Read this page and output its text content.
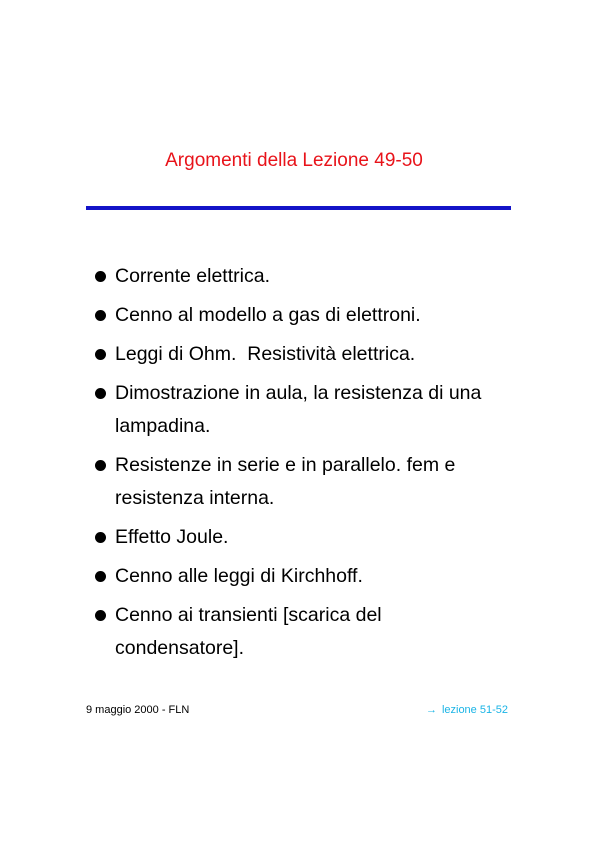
Argomenti della Lezione 49-50
Corrente elettrica.
Cenno al modello a gas di elettroni.
Leggi di Ohm.  Resistività elettrica.
Dimostrazione in aula, la resistenza di una lampadina.
Resistenze in serie e in parallelo. fem e resistenza interna.
Effetto Joule.
Cenno alle leggi di Kirchhoff.
Cenno ai transienti [scarica del condensatore].
9 maggio 2000 - FLN	→ lezione 51-52
